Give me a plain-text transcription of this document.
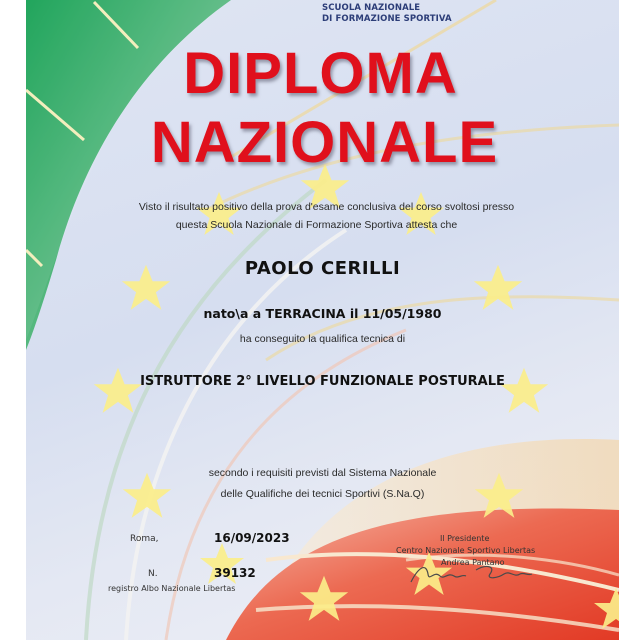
SCUOLA NAZIONALE
DI FORMAZIONE SPORTIVA
DIPLOMA
NAZIONALE
Visto il risultato positivo della prova d'esame conclusiva del corso svoltosi presso
questa Scuola Nazionale di Formazione Sportiva attesta che
PAOLO CERILLI
nato\a a TERRACINA il 11/05/1980
ha conseguito la qualifica tecnica di
ISTRUTTORE 2° LIVELLO FUNZIONALE POSTURALE
secondo i requisiti previsti dal Sistema Nazionale
delle Qualifiche dei tecnici Sportivi (S.Na.Q)
Roma,	16/09/2023
N.	39132
registro Albo Nazionale Libertas
Il Presidente
Centro Nazionale Sportivo Libertas
Andrea Pantano
